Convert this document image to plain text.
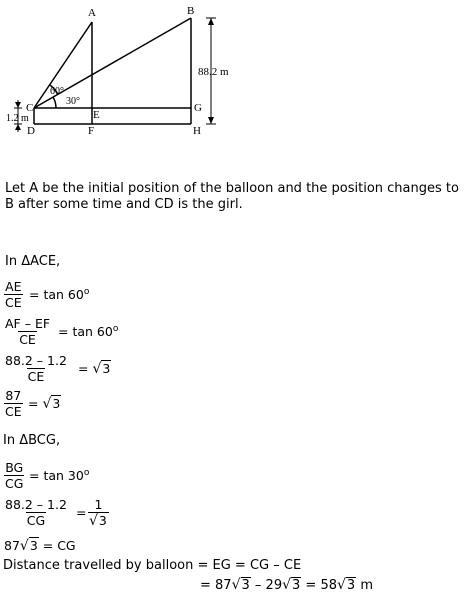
A	B
C
D
E
F
G
H
60°
30°
88.2 m
1.2 m
Let A be the initial position of the balloon and the position changes to
B after some time and CD is the girl.
In ΔACE,
$\frac{AE}{CE} = \tan 60^o$
$\frac{AF - EF}{CE} = \tan 60^o$
$\frac{88.2 - 1.2}{CE} = √3$
$\frac{87}{CE} = √3$
In ΔBCG,
$\frac{BG}{CG} = \tan 30^o$
$\frac{88.2 - 1.2}{CG} = \frac{1}{√3}$
87√3 = CG
Distance travelled by balloon = EG = CG – CE
= 87√3 – 29√3 = 58√3 m
